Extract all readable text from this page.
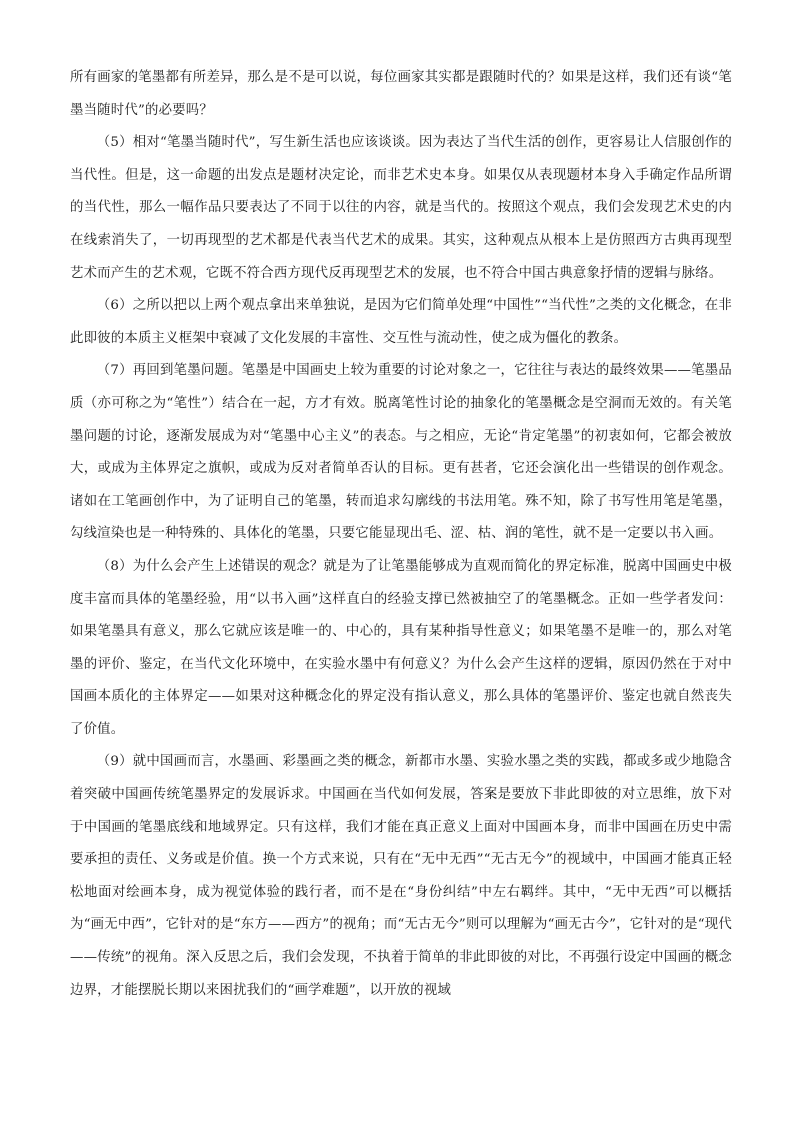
所有画家的笔墨都有所差异，那么是不是可以说，每位画家其实都是跟随时代的？如果是这样，我们还有谈“笔墨当随时代”的必要吗？

（5）相对“笔墨当随时代”，写生新生活也应该谈谈。因为表达了当代生活的创作，更容易让人信服创作的当代性。但是，这一命题的出发点是题材决定论，而非艺术史本身。如果仅从表现题材本身入手确定作品所谓的当代性，那么一幅作品只要表达了不同于以往的内容，就是当代的。按照这个观点，我们会发现艺术史的内在线索消失了，一切再现型的艺术都是代表当代艺术的成果。其实，这种观点从根本上是仿照西方古典再现型艺术而产生的艺术观，它既不符合西方现代反再现型艺术的发展，也不符合中国古典意象抒情的逻辑与脉络。

（6）之所以把以上两个观点拿出来单独说，是因为它们简单处理“中国性”“当代性”之类的文化概念，在非此即彼的本质主义框架中衰减了文化发展的丰富性、交互性与流动性，使之成为僵化的教条。

（7）再回到笔墨问题。笔墨是中国画史上较为重要的讨论对象之一，它往往与表达的最终效果——笔墨品质（亦可称之为“笔性”）结合在一起，方才有效。脱离笔性讨论的抽象化的笔墨概念是空洞而无效的。有关笔墨问题的讨论，逐渐发展成为对“笔墨中心主义”的表态。与之相应，无论“肯定笔墨”的初衷如何，它都会被放大，或成为主体界定之旗帜，或成为反对者简单否认的目标。更有甚者，它还会演化出一些错误的创作观念。诸如在工笔画创作中，为了证明自己的笔墨，转而追求勾廓线的书法用笔。殊不知，除了书写性用笔是笔墨，勾线渲染也是一种特殊的、具体化的笔墨，只要它能显现出毛、涩、枯、润的笔性，就不是一定要以书入画。

（8）为什么会产生上述错误的观念？就是为了让笔墨能够成为直观而简化的界定标准，脱离中国画史中极度丰富而具体的笔墨经验，用“以书入画”这样直白的经验支撑已然被抽空了的笔墨概念。正如一些学者发问：如果笔墨具有意义，那么它就应该是唯一的、中心的，具有某种指导性意义；如果笔墨不是唯一的，那么对笔墨的评价、鉴定，在当代文化环境中，在实验水墨中有何意义？为什么会产生这样的逻辑，原因仍然在于对中国画本质化的主体界定——如果对这种概念化的界定没有指认意义，那么具体的笔墨评价、鉴定也就自然丧失了价值。

（9）就中国画而言，水墨画、彩墨画之类的概念，新都市水墨、实验水墨之类的实践，都或多或少地隐含着突破中国画传统笔墨界定的发展诉求。中国画在当代如何发展，答案是要放下非此即彼的对立思维，放下对于中国画的笔墨底线和地域界定。只有这样，我们才能在真正意义上面对中国画本身，而非中国画在历史中需要承担的责任、义务或是价值。换一个方式来说，只有在“无中无西”“无古无今”的视域中，中国画才能真正轻松地面对绘画本身，成为视觉体验的践行者，而不是在“身份纠结”中左右羁绊。其中，“无中无西”可以概括为“画无中西”，它针对的是“东方——西方”的视角；而“无古无今”则可以理解为“画无古今”，它针对的是“现代——传统”的视角。深入反思之后，我们会发现，不执着于简单的非此即彼的对比，不再强行设定中国画的概念边界，才能摆脱长期以来困扰我们的“画学难题”，以开放的视域
